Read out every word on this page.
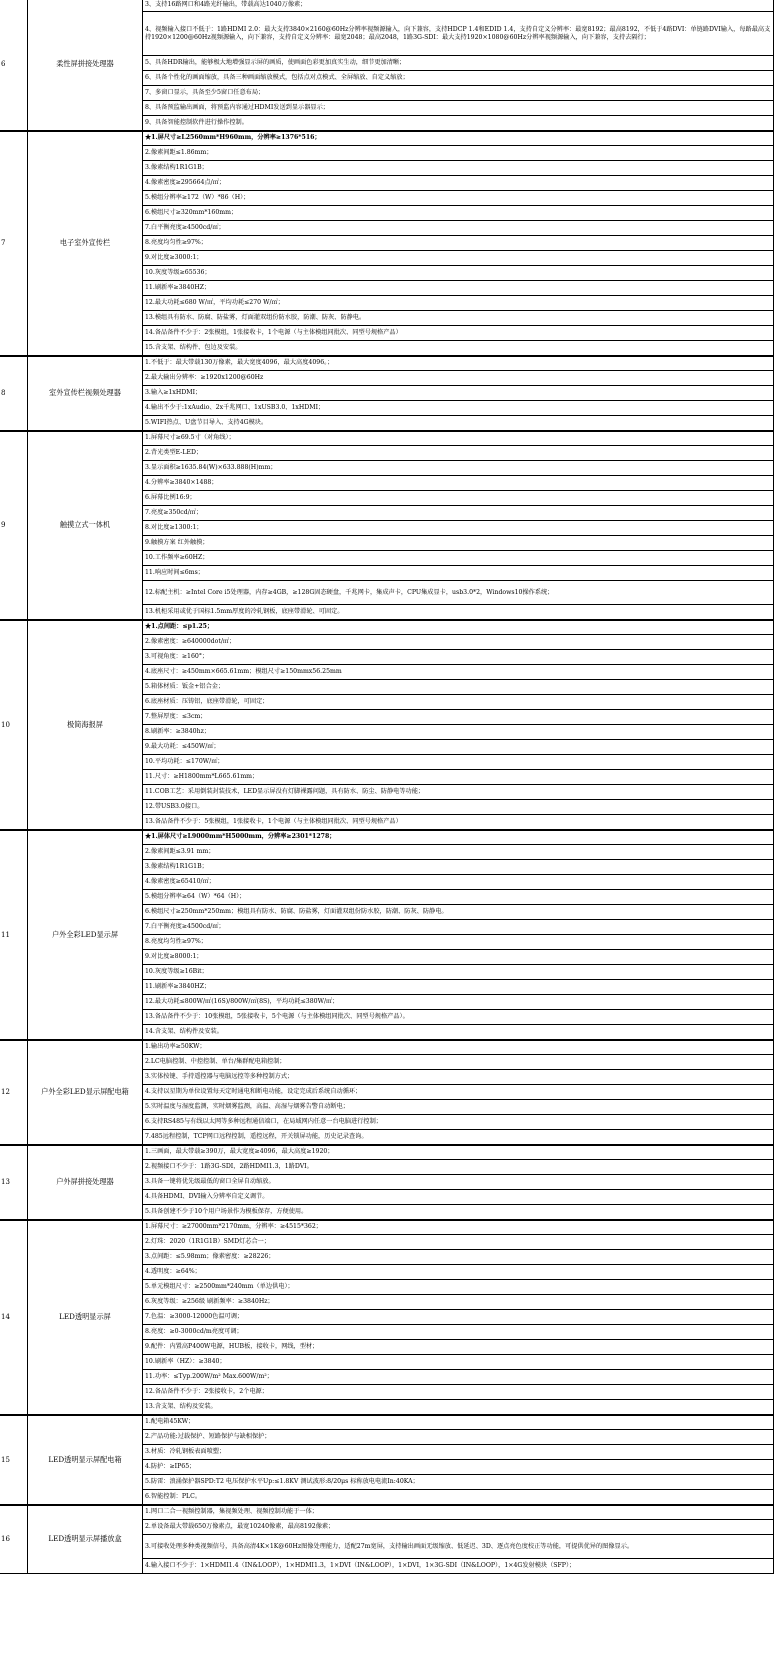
6	柔性屏拼接处理器	3、支持16路网口和4路光纤输出，带载高达1040万像素；
		4、视频输入接口不低于：1路HDMI 2.0：最大支持3840×2160@60Hz分辨率视频源输入，向下兼容，支持HDCP 1.4和EDID 1.4，支持自定义分辨率：最宽8192；最高8192，不低于4路DVI：单链路DVI输入，每路最高支持1920×1200@60Hz视频源输入，向下兼容，支持自定义分辨率：最宽2048；最高2048，1路3G-SDI：最大支持1920×1080@60Hz分辨率视频源输入，向下兼容，支持去隔行；
		5、具备HDR输出，能够极大地增强显示屏的画质，使画面色彩更加真实生动，细节更加清晰；
		6、具备个性化的画面缩放，具备三种画面缩放模式，包括点对点模式、全屏缩放、自定义缩放；
		7、多窗口显示，具备至少5窗口任意布局；
		8、具备预监输出画面，将预监内容通过HDMI发送到显示器显示；
		9、具备智能控制软件进行操作控制。
7	电子室外宣传栏	★1.屏尺寸≥L2560mm*H960mm，分辨率≥1376*516；
		2.像素间距≤1.86mm；
		3.像素结构1R1G1B；
		4.像素密度≥295664点/㎡；
		5.模组分辨率≥172（W）*86（H）；
		6.模组尺寸≥320mm*160mm；
		7.白平衡亮度≥4500cd/㎡；
		8.亮度均匀性≥97%；
		9.对比度≥3000:1；
		10.灰度等级≥65536；
		11.刷新率≥3840HZ；
		12.最大功耗≤680 W/㎡，平均功耗≤270 W/㎡；
		13.模组具有防水、防腐、防盐雾，灯面灌双组份防水胶，防潮、防灰、防静电。
		14.备品备件不少于：2张模组，1张接收卡，1个电源（与主体模组同批次、同型号规格产品）
		15.含支架、结构件、包边及安装。
8	室外宣传栏视频处理器	1.不低于：最大带载130万像素，最大宽度4096，最大高度4096。；
		2.最大输出分辨率：≥1920x1200@60Hz
		3.输入≥1xHDMI；
		4.输出不少于:1xAudio、2x千兆网口、1xUSB3.0、1xHDMI；
		5.WIFI热点、U盘节目导入、支持4G模块。
9	触摸立式一体机	1.屏幕尺寸≥69.5寸（对角线）；
		2.背光类型E-LED；
		3.显示面积≥1635.84(W)×633.888(H)mm；
		4.分辨率≥3840×1488；
		6.屏幕比例16:9；
		7.亮度≥350cd/㎡；
		8.对比度≥1300:1；
		9.触摸方案 红外触摸；
		10.工作频率≥60HZ；
		11.响应时间≤6ms；
		12.标配主机：≥Intel Core i5处理器，内存≥4GB，≥128G固态硬盘，千兆网卡，集成声卡，CPU集成显卡，usb3.0*2，Windows10操作系统；
		13.机柜采用或优于国标1.5mm厚度的冷轧钢板，底座带滑轮、可固定。
10	极简海报屏	★1.点间距：≤p1.25；
		2.像素密度：≥640000dot/㎡；
		3.可视角度：≥160°；
		4.底座尺寸：≥450mm×665.61mm；模组尺寸≥150mmx56.25mm
		5.箱体材质：钣金+铝合金；
		6.底座材质：压铸铝，底座带滑轮，可固定；
		7.整屏厚度：≤3cm；
		8.刷新率：≥3840hz；
		9.最大功耗：≤450W/㎡；
		10.平均功耗：≤170W/㎡；
		11.尺寸：≥H1800mm*L665.61mm；
		11.COB工艺：采用倒装封装技术，LED显示屏没有灯脚裸露问题，具有防水、防尘、防静电等功能；
		12.带USB3.0接口。
		13.备品备件不少于：5张模组，1张接收卡，1个电源（与主体模组同批次、同型号规格产品）
11	户外全彩LED显示屏	★1.屏体尺寸≥L9000mm*H5000mm，分辨率≥2301*1278；
		2.像素间距≤3.91 mm；
		3.像素结构1R1G1B；
		4.像素密度≥65410/㎡；
		5.模组分辨率≥64（W）*64（H）；
		6.模组尺寸≥250mm*250mm；模组具有防水、防腐、防盐雾，灯面灌双组份防水胶，防潮、防灰、防静电。
		7.白平衡亮度≥4500cd/㎡；
		8.亮度均匀性≥97%；
		9.对比度≥8000:1；
		10.灰度等级≥16Bit；
		11.刷新率≥3840HZ；
		12.最大功耗≤800W/㎡(16S)/800W/㎡(8S)，平均功耗≤380W/㎡；
		13.备品备件不少于：10张模组，5张接收卡，5个电源（与主体模组同批次、同型号规格产品）。
		14.含支架、结构件及安装。
12	户外全彩LED显示屏配电箱	1.输出功率≥50KW；
		2.LC电脑控制、中控控制、单台/集群配电箱控制；
		3.实体按键、手持遥控器与电脑远控等多种控制方式；
		4.支持以星期为单位设置每天定时通电和断电功能，设定完成后系统自动循环；
		5.实时温度与湿度监测，实时烟雾监测，高温、高湿与烟雾告警自动断电；
		6.支持RS485与有线以太网等多种远程通信端口，在局域网内任意一台电脑进行控制；
		7.485远程控制，TCP网口远程控制，遥控远程，开关锁屏功能，历史记录查询。
13	户外屏拼接处理器	1.三画面，最大带载≥390万，最大宽度≥4096，最大高度≥1920；
		2.视频接口不少于：1路3G-SDI，2路HDMI1.3，1路DVI。
		3.具备一键将优先级最低的窗口全屏自动缩放。
		4.具备HDMI、DVI输入分辨率自定义调节。
		5.具备创建不少于10个用户场景作为模板保存，方便使用。
14	LED透明显示屏	1.屏幕尺寸：≥27000mm*2170mm，分辨率：≥4515*362；
		2.灯珠：2020（1R1G1B）SMD灯芯合一；
		3.点间距：≤5.98mm；像素密度：≥28226；
		4.透明度：≥64%；
		5.单元模组尺寸：≥2500mm*240mm（单边供电）；
		6.灰度等级：≥256级 刷新频率：≥3840Hz；
		7.色温：≥3000-12000色温可调；
		8.亮度：≥0-3000cd/m亮度可调；
		9.配件：内置高P400W电源，HUB板，接收卡，网线，型材；
		10.刷新率（HZ）：≥3840；
		11.功率：≤Typ.200W/m² Max.600W/m²；
		12.备品备件不少于：2张接收卡，2个电源；
		13.含支架、结构及安装。
15	LED透明显示屏配电箱	1.配电箱45KW；
		2.产品功能:过载保护、短路保护与缺相保护；
		3.材质：冷轧钢板表面喷塑；
		4.防护：≥IP65；
		5.防雷：浪涌保护器SPD:T2 电压保护水平Up:≤1.8KV 测试波形:8/20μs 标称放电电流In:40KA；
		6.智能控制：PLC。
16	LED透明显示屏播放盒	1.网口二合一视频控制器，集视频处理、视频控制功能于一体；
		2.单设备最大带载650万像素点，最宽10240像素，最高8192像素；
		3.可接收处理多种类视频信号，具备高清4K×1K@60Hz图像处理能力，适配27m宽屏，支持输出画面无级缩放、低延迟、3D、逐点亮色度校正等功能，可提供优异的图像显示。
		4.输入接口不少于：1×HDMI1.4（IN&LOOP），1×HDMI1.3，1×DVI（IN&LOOP），1×DVI，1×3G-SDI（IN&LOOP），1×4G发射模块（SFP）；
